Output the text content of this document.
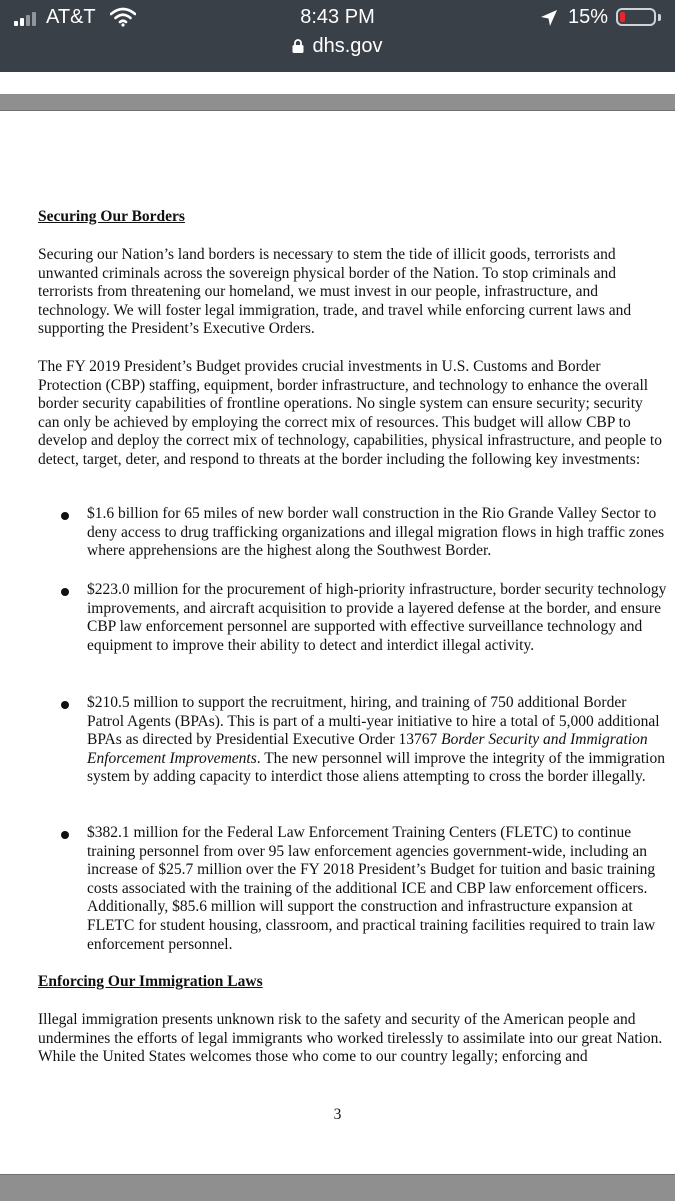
AT&T	8:43 PM	15%
dhs.gov
Securing Our Borders
Securing our Nation’s land borders is necessary to stem the tide of illicit goods, terrorists and unwanted criminals across the sovereign physical border of the Nation. To stop criminals and terrorists from threatening our homeland, we must invest in our people, infrastructure, and technology. We will foster legal immigration, trade, and travel while enforcing current laws and supporting the President’s Executive Orders.
The FY 2019 President’s Budget provides crucial investments in U.S. Customs and Border Protection (CBP) staffing, equipment, border infrastructure, and technology to enhance the overall border security capabilities of frontline operations. No single system can ensure security; security can only be achieved by employing the correct mix of resources. This budget will allow CBP to develop and deploy the correct mix of technology, capabilities, physical infrastructure, and people to detect, target, deter, and respond to threats at the border including the following key investments:
$1.6 billion for 65 miles of new border wall construction in the Rio Grande Valley Sector to deny access to drug trafficking organizations and illegal migration flows in high traffic zones where apprehensions are the highest along the Southwest Border.
$223.0 million for the procurement of high-priority infrastructure, border security technology improvements, and aircraft acquisition to provide a layered defense at the border, and ensure CBP law enforcement personnel are supported with effective surveillance technology and equipment to improve their ability to detect and interdict illegal activity.
$210.5 million to support the recruitment, hiring, and training of 750 additional Border Patrol Agents (BPAs). This is part of a multi-year initiative to hire a total of 5,000 additional BPAs as directed by Presidential Executive Order 13767 Border Security and Immigration Enforcement Improvements. The new personnel will improve the integrity of the immigration system by adding capacity to interdict those aliens attempting to cross the border illegally.
$382.1 million for the Federal Law Enforcement Training Centers (FLETC) to continue training personnel from over 95 law enforcement agencies government-wide, including an increase of $25.7 million over the FY 2018 President’s Budget for tuition and basic training costs associated with the training of the additional ICE and CBP law enforcement officers. Additionally, $85.6 million will support the construction and infrastructure expansion at FLETC for student housing, classroom, and practical training facilities required to train law enforcement personnel.
Enforcing Our Immigration Laws
Illegal immigration presents unknown risk to the safety and security of the American people and undermines the efforts of legal immigrants who worked tirelessly to assimilate into our great Nation. While the United States welcomes those who come to our country legally; enforcing and
3
